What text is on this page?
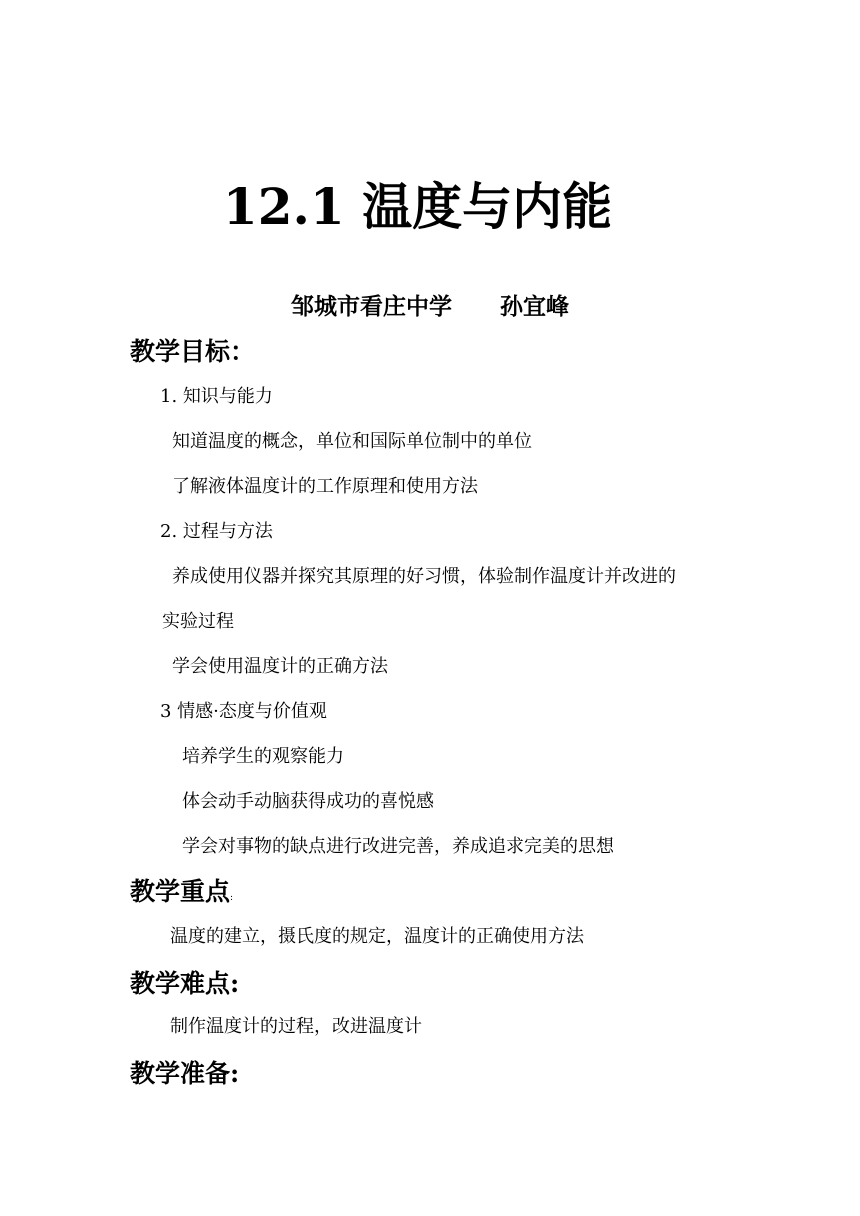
12.1 温度与内能
邹城市看庄中学      孙宜峰
教学目标：
1. 知识与能力
知道温度的概念，单位和国际单位制中的单位
了解液体温度计的工作原理和使用方法
2. 过程与方法
养成使用仪器并探究其原理的好习惯，体验制作温度计并改进的
实验过程
学会使用温度计的正确方法
3 情感·态度与价值观
培养学生的观察能力
体会动手动脑获得成功的喜悦感
学会对事物的缺点进行改进完善，养成追求完美的思想
教学重点:
温度的建立，摄氏度的规定，温度计的正确使用方法
教学难点:
制作温度计的过程，改进温度计
教学准备:
